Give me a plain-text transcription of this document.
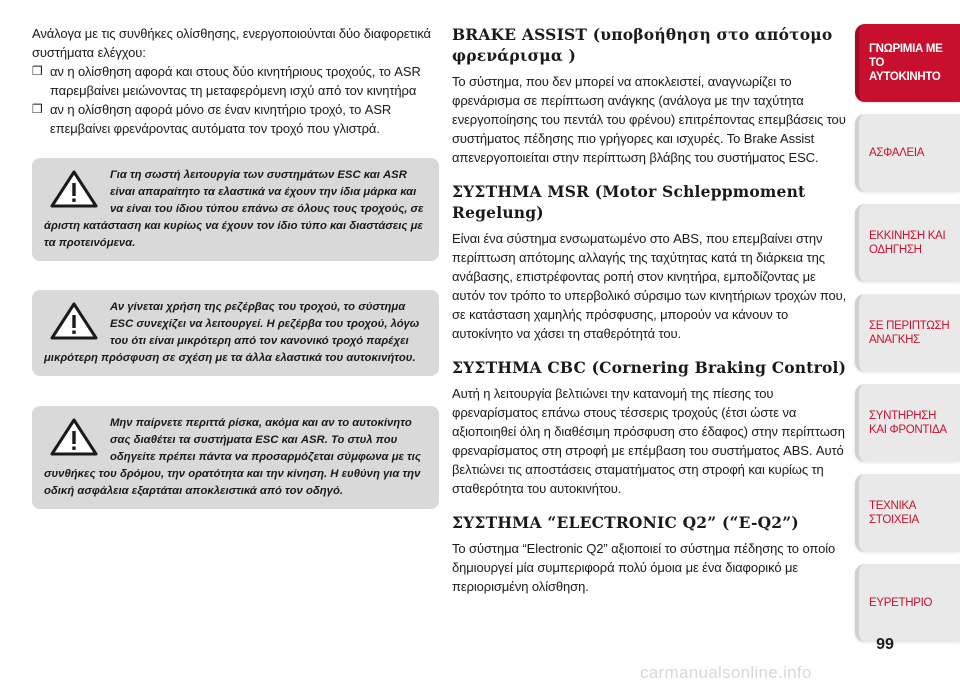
Ανάλογα με τις συνθήκες ολίσθησης, ενεργοποιούνται δύο διαφορετικά συστήματα ελέγχου:

❒ αν η ολίσθηση αφορά και στους δύο κινητήριους τροχούς, το ASR παρεμβαίνει μειώνοντας τη μεταφερόμενη ισχύ από τον κινητήρα
❒ αν η ολίσθηση αφορά μόνο σε έναν κινητήριο τροχό, το ASR επεμβαίνει φρενάροντας αυτόματα τον τροχό που γλιστρά.

Για τη σωστή λειτουργία των συστημάτων ESC και ASR είναι απαραίτητο τα ελαστικά να έχουν την ίδια μάρκα και να είναι του ίδιου τύπου επάνω σε όλους τους τροχούς, σε άριστη κατάσταση και κυρίως να έχουν τον ίδιο τύπο και διαστάσεις με τα προτεινόμενα.

Αν γίνεται χρήση της ρεζέρβας του τροχού, το σύστημα ESC συνεχίζει να λειτουργεί. Η ρεζέρβα του τροχού, λόγω του ότι είναι μικρότερη από τον κανονικό τροχό παρέχει μικρότερη πρόσφυση σε σχέση με τα άλλα ελαστικά του αυτοκινήτου.

Μην παίρνετε περιττά ρίσκα, ακόμα και αν το αυτοκίνητο σας διαθέτει τα συστήματα ESC και ASR. Το στυλ που οδηγείτε πρέπει πάντα να προσαρμόζεται σύμφωνα με τις συνθήκες του δρόμου, την ορατότητα και την κίνηση. Η ευθύνη για την οδική ασφάλεια εξαρτάται αποκλειστικά από τον οδηγό.

BRAKE ASSIST (υποβοήθηση στο απότομο φρενάρισμα )

Το σύστημα, που δεν μπορεί να αποκλειστεί, αναγνωρίζει το φρενάρισμα σε περίπτωση ανάγκης (ανάλογα με την ταχύτητα ενεργοποίησης του πεντάλ του φρένου) επιτρέποντας επεμβάσεις του συστήματος πέδησης πιο γρήγορες και ισχυρές. Το Brake Assist απενεργοποιείται στην περίπτωση βλάβης του συστήματος ESC.

ΣΥΣΤΗΜΑ MSR (Motor Schleppmoment Regelung)

Είναι ένα σύστημα ενσωματωμένο στο ABS, που επεμβαίνει στην περίπτωση απότομης αλλαγής της ταχύτητας κατά τη διάρκεια της ανάβασης, επιστρέφοντας ροπή στον κινητήρα, εμποδίζοντας με αυτόν τον τρόπο το υπερβολικό σύρσιμο των κινητήριων τροχών που, σε κατάσταση χαμηλής πρόσφυσης, μπορούν να κάνουν το αυτοκίνητο να χάσει τη σταθερότητά του.

ΣΥΣΤΗΜΑ CBC (Cornering Braking Control)

Αυτή η λειτουργία βελτιώνει την κατανομή της πίεσης του φρεναρίσματος επάνω στους τέσσερις τροχούς (έτσι ώστε να αξιοποιηθεί όλη η διαθέσιμη πρόσφυση στο έδαφος) στην περίπτωση φρεναρίσματος στη στροφή με επέμβαση του συστήματος ABS. Αυτό βελτιώνει τις αποστάσεις σταματήματος στη στροφή και κυρίως τη σταθερότητα του αυτοκινήτου.

ΣΥΣΤΗΜΑ “ELECTRONIC Q2” (“E-Q2”)

Το σύστημα “Electronic Q2” αξιοποιεί το σύστημα πέδησης το οποίο δημιουργεί μία συμπεριφορά πολύ όμοια με ένα διαφορικό με περιορισμένη ολίσθηση.

ΓΝΩΡΙΜΙΑ ΜΕ ΤΟ ΑΥΤΟΚΙΝΗΤΟ
ΑΣΦΑΛΕΙΑ
ΕΚΚΙΝΗΣΗ ΚΑΙ ΟΔΗΓΗΣΗ
ΣΕ ΠΕΡΙΠΤΩΣΗ ΑΝΑΓΚΗΣ
ΣΥΝΤΗΡΗΣΗ ΚΑΙ ΦΡΟΝΤΙΔΑ
ΤΕΧΝΙΚΑ ΣΤΟΙΧΕΙΑ
ΕΥΡΕΤΗΡΙΟ
99
carmanualsonline.info
